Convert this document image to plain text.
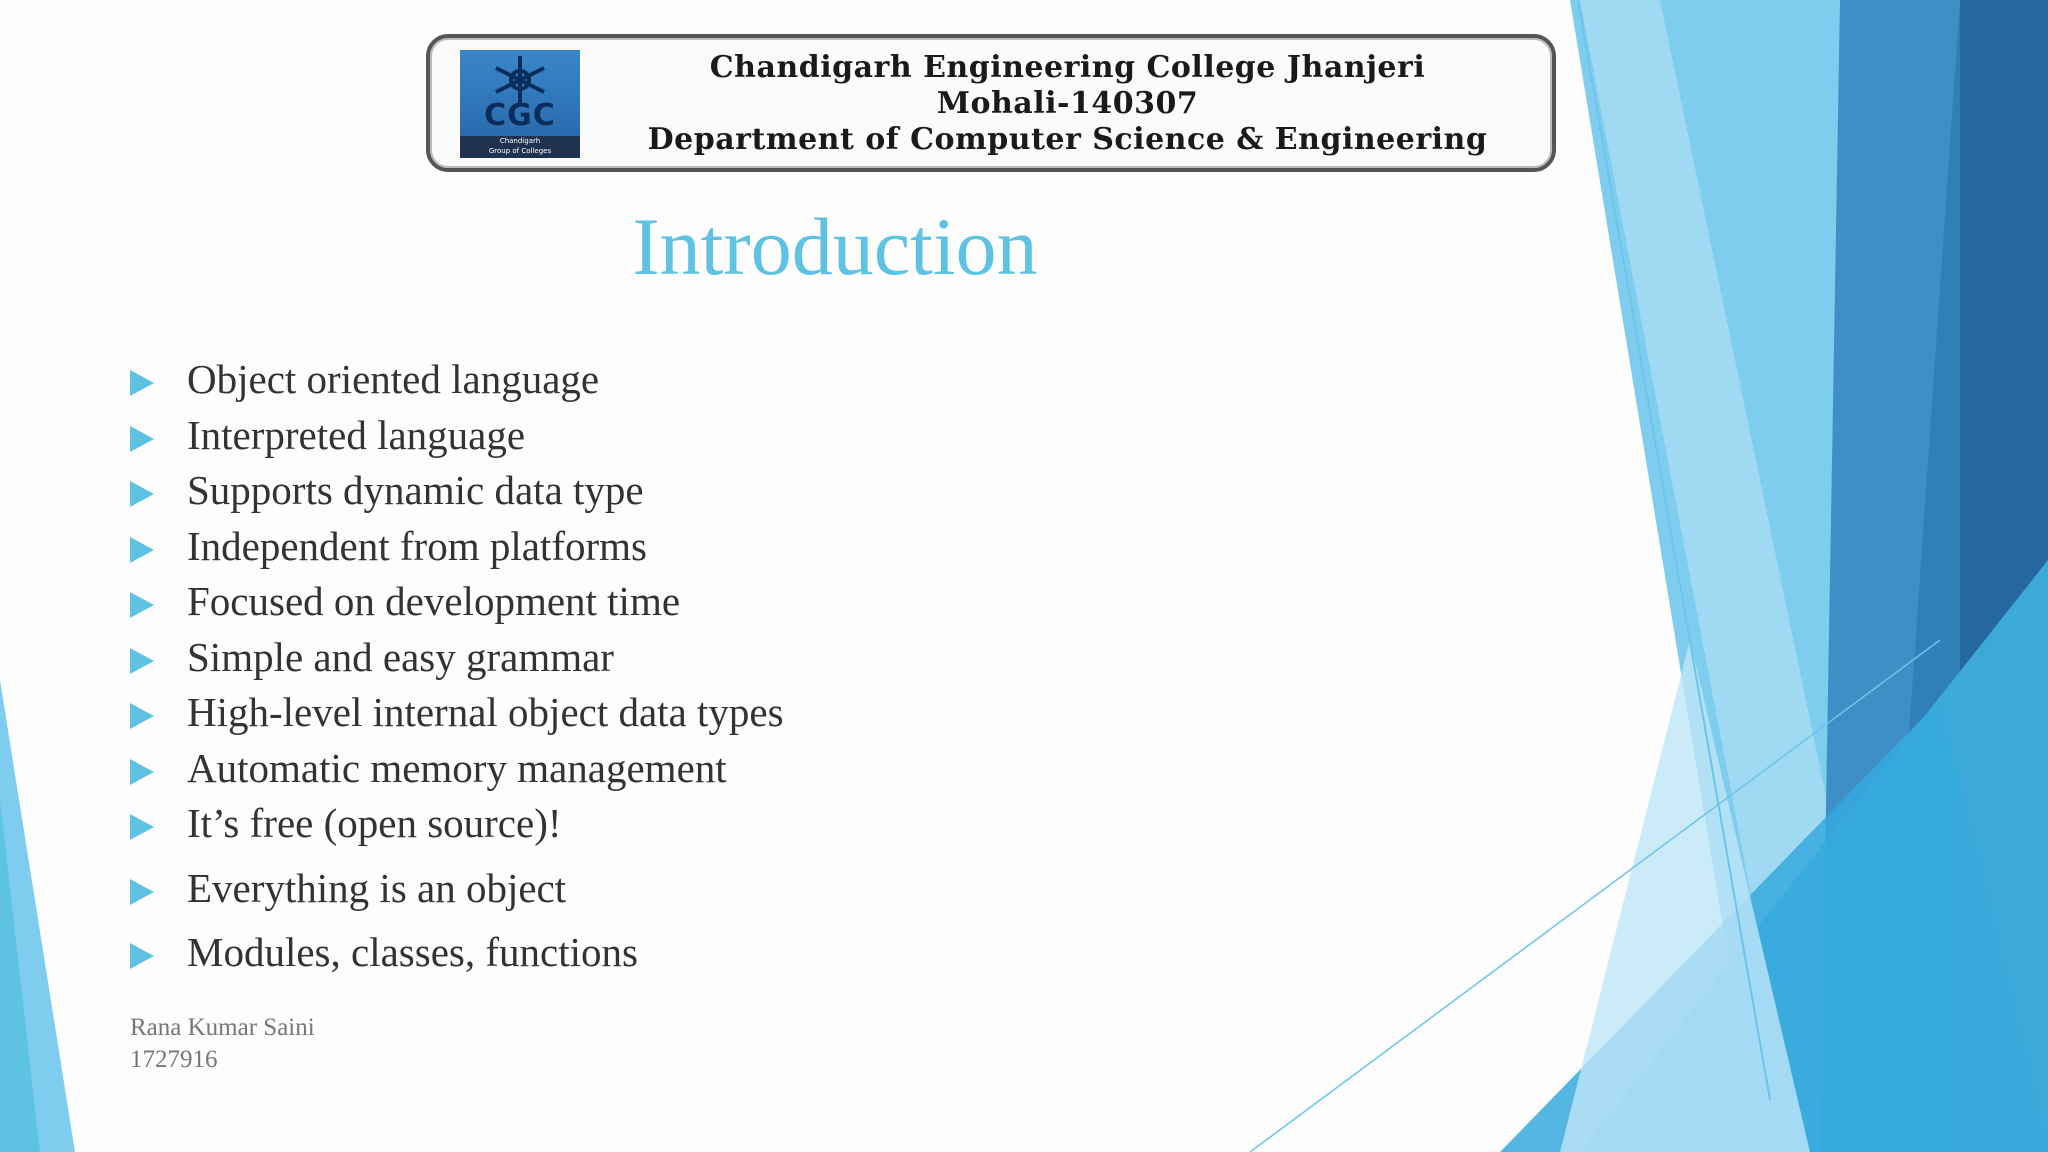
CGC
Chandigarh
Group of Colleges
Chandigarh Engineering College Jhanjeri
Mohali-140307
Department of Computer Science & Engineering
Introduction
Object oriented language
Interpreted language
Supports dynamic data type
Independent from platforms
Focused on development time
Simple and easy grammar
High-level internal object data types
Automatic memory management
It’s free (open source)!
Everything is an object
Modules, classes, functions
Rana Kumar Saini
1727916
